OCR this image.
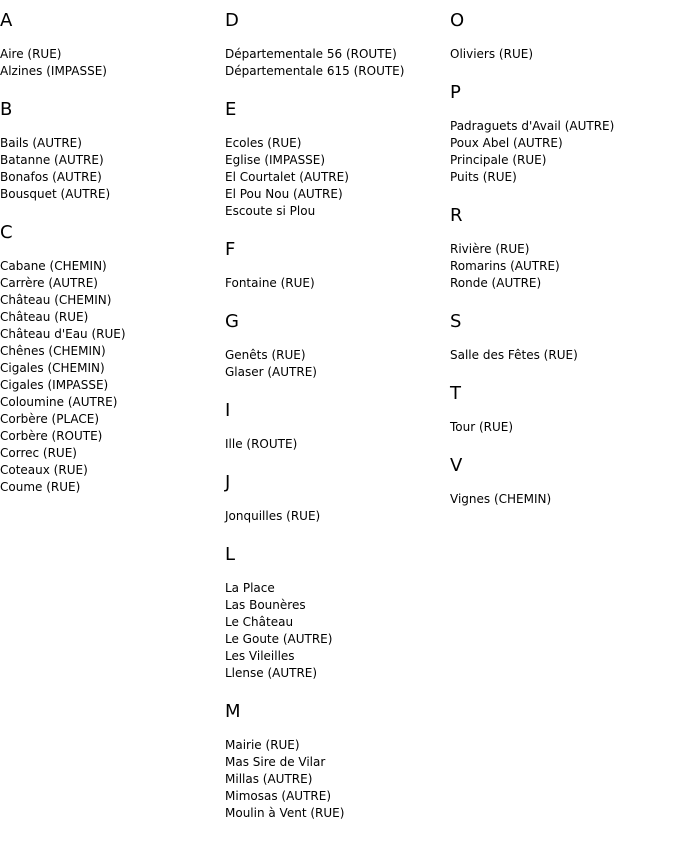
A
Aire (RUE)
Alzines (IMPASSE)
B
Bails (AUTRE)
Batanne (AUTRE)
Bonafos (AUTRE)
Bousquet (AUTRE)
C
Cabane (CHEMIN)
Carrère (AUTRE)
Château (CHEMIN)
Château (RUE)
Château d'Eau (RUE)
Chênes (CHEMIN)
Cigales (CHEMIN)
Cigales (IMPASSE)
Coloumine (AUTRE)
Corbère (PLACE)
Corbère (ROUTE)
Correc (RUE)
Coteaux (RUE)
Coume (RUE)
D
Départementale 56 (ROUTE)
Départementale 615 (ROUTE)
E
Ecoles (RUE)
Eglise (IMPASSE)
El Courtalet (AUTRE)
El Pou Nou (AUTRE)
Escoute si Plou
F
Fontaine (RUE)
G
Genêts (RUE)
Glaser (AUTRE)
I
Ille (ROUTE)
J
Jonquilles (RUE)
L
La Place
Las Bounères
Le Château
Le Goute (AUTRE)
Les Vileilles
Llense (AUTRE)
M
Mairie (RUE)
Mas Sire de Vilar
Millas (AUTRE)
Mimosas (AUTRE)
Moulin à Vent (RUE)
O
Oliviers (RUE)
P
Padraguets d'Avail (AUTRE)
Poux Abel (AUTRE)
Principale (RUE)
Puits (RUE)
R
Rivière (RUE)
Romarins (AUTRE)
Ronde (AUTRE)
S
Salle des Fêtes (RUE)
T
Tour (RUE)
V
Vignes (CHEMIN)
